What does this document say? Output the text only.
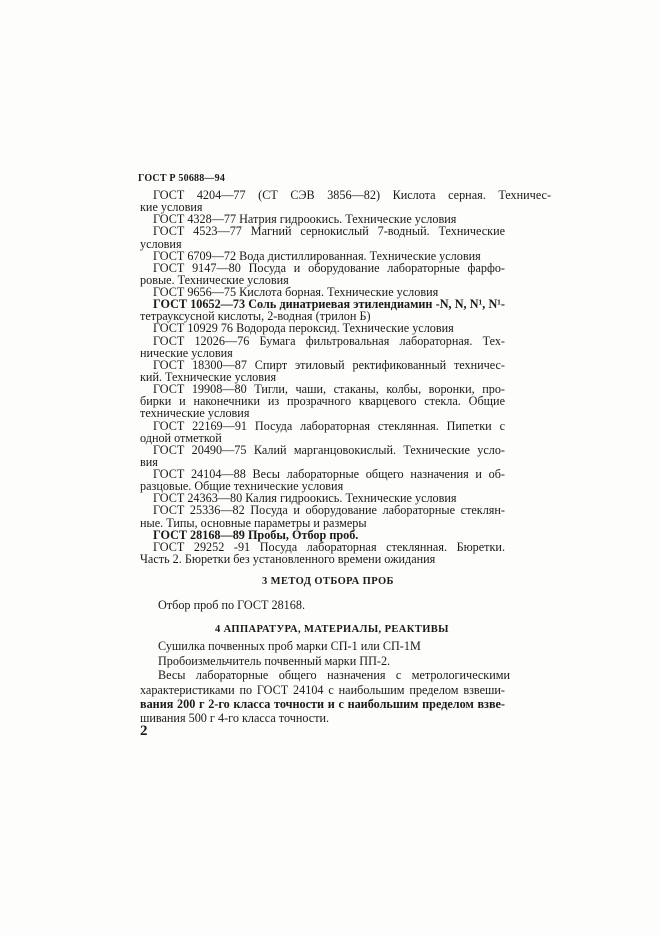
ГОСТ Р 50688—94
ГОСТ 4204—77 (СТ СЭВ 3856—82) Кислота серная. Техничес-
кие условия
ГОСТ 4328—77 Натрия гидроокись. Технические условия
ГОСТ 4523—77 Магний сернокислый 7-водный. Технические
условия
ГОСТ 6709—72 Вода дистиллированная. Технические условия
ГОСТ 9147—80 Посуда и оборудование лабораторные фарфо-
ровые. Технические условия
ГОСТ 9656—75 Кислота борная. Технические условия
ГОСТ 10652—73 Соль динатриевая этилендиамин -N, N, N¹, N¹-
тетрауксусной кислоты, 2-водная (трилон Б)
ГОСТ 10929 76 Водорода пероксид. Технические условия
ГОСТ 12026—76 Бумага фильтровальная лабораторная. Тех-
нические условия
ГОСТ 18300—87 Спирт этиловый ректификованный техничес-
кий. Технические условия
ГОСТ 19908—80 Тигли, чаши, стаканы, колбы, воронки, про-
бирки и наконечники из прозрачного кварцевого стекла. Общие
технические условия
ГОСТ 22169—91 Посуда лабораторная стеклянная. Пипетки с
одной отметкой
ГОСТ 20490—75 Калий марганцовокислый. Технические усло-
вия
ГОСТ 24104—88 Весы лабораторные общего назначения и об-
разцовые. Общие технические условия
ГОСТ 24363—80 Калия гидроокись. Технические условия
ГОСТ 25336—82 Посуда и оборудование лабораторные стеклян-
ные. Типы, основные параметры и размеры
ГОСТ 28168—89 Пробы, Отбор проб.
ГОСТ 29252 -91 Посуда лабораторная стеклянная. Бюретки.
Часть 2. Бюретки без установленного времени ожидания
3 МЕТОД ОТБОРА ПРОБ
Отбор проб по ГОСТ 28168.
4 АППАРАТУРА, МАТЕРИАЛЫ, РЕАКТИВЫ
Сушилка почвенных проб марки СП-1 или СП-1М
Пробоизмельчитель почвенный марки ПП-2.
Весы лабораторные общего назначения с метрологическими
характеристиками по ГОСТ 24104 с наибольшим пределом взвеши-
вания 200 г 2-го класса точности и с наибольшим пределом взве-
шивания 500 г 4-го класса точности.
2
